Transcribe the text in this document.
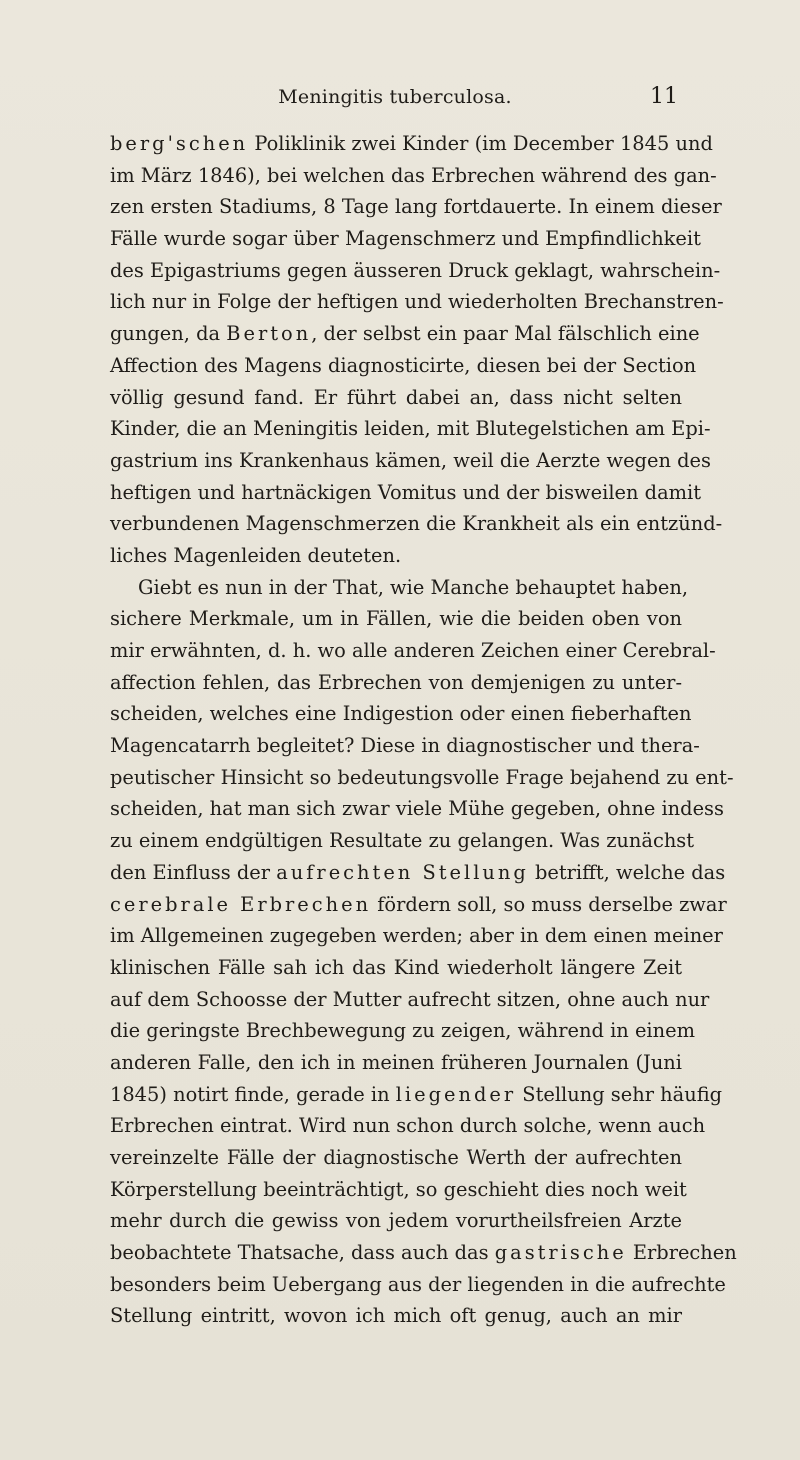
Meningitis tuberculosa.	11
berg'schen Poliklinik zwei Kinder (im December 1845 und
im März 1846), bei welchen das Erbrechen während des gan-
zen ersten Stadiums, 8 Tage lang fortdauerte. In einem dieser
Fälle wurde sogar über Magenschmerz und Empfindlichkeit
des Epigastriums gegen äusseren Druck geklagt, wahrschein-
lich nur in Folge der heftigen und wiederholten Brechanstren-
gungen, da Berton, der selbst ein paar Mal fälschlich eine
Affection des Magens diagnosticirte, diesen bei der Section
völlig gesund fand. Er führt dabei an, dass nicht selten
Kinder, die an Meningitis leiden, mit Blutegelstichen am Epi-
gastrium ins Krankenhaus kämen, weil die Aerzte wegen des
heftigen und hartnäckigen Vomitus und der bisweilen damit
verbundenen Magenschmerzen die Krankheit als ein entzünd-
liches Magenleiden deuteten.
Giebt es nun in der That, wie Manche behauptet haben,
sichere Merkmale, um in Fällen, wie die beiden oben von
mir erwähnten, d. h. wo alle anderen Zeichen einer Cerebral-
affection fehlen, das Erbrechen von demjenigen zu unter-
scheiden, welches eine Indigestion oder einen fieberhaften
Magencatarrh begleitet? Diese in diagnostischer und thera-
peutischer Hinsicht so bedeutungsvolle Frage bejahend zu ent-
scheiden, hat man sich zwar viele Mühe gegeben, ohne indess
zu einem endgültigen Resultate zu gelangen. Was zunächst
den Einfluss der aufrechten Stellung betrifft, welche das
cerebrale Erbrechen fördern soll, so muss derselbe zwar
im Allgemeinen zugegeben werden; aber in dem einen meiner
klinischen Fälle sah ich das Kind wiederholt längere Zeit
auf dem Schoosse der Mutter aufrecht sitzen, ohne auch nur
die geringste Brechbewegung zu zeigen, während in einem
anderen Falle, den ich in meinen früheren Journalen (Juni
1845) notirt finde, gerade in liegender Stellung sehr häufig
Erbrechen eintrat. Wird nun schon durch solche, wenn auch
vereinzelte Fälle der diagnostische Werth der aufrechten
Körperstellung beeinträchtigt, so geschieht dies noch weit
mehr durch die gewiss von jedem vorurtheilsfreien Arzte
beobachtete Thatsache, dass auch das gastrische Erbrechen
besonders beim Uebergang aus der liegenden in die aufrechte
Stellung eintritt, wovon ich mich oft genug, auch an mir
